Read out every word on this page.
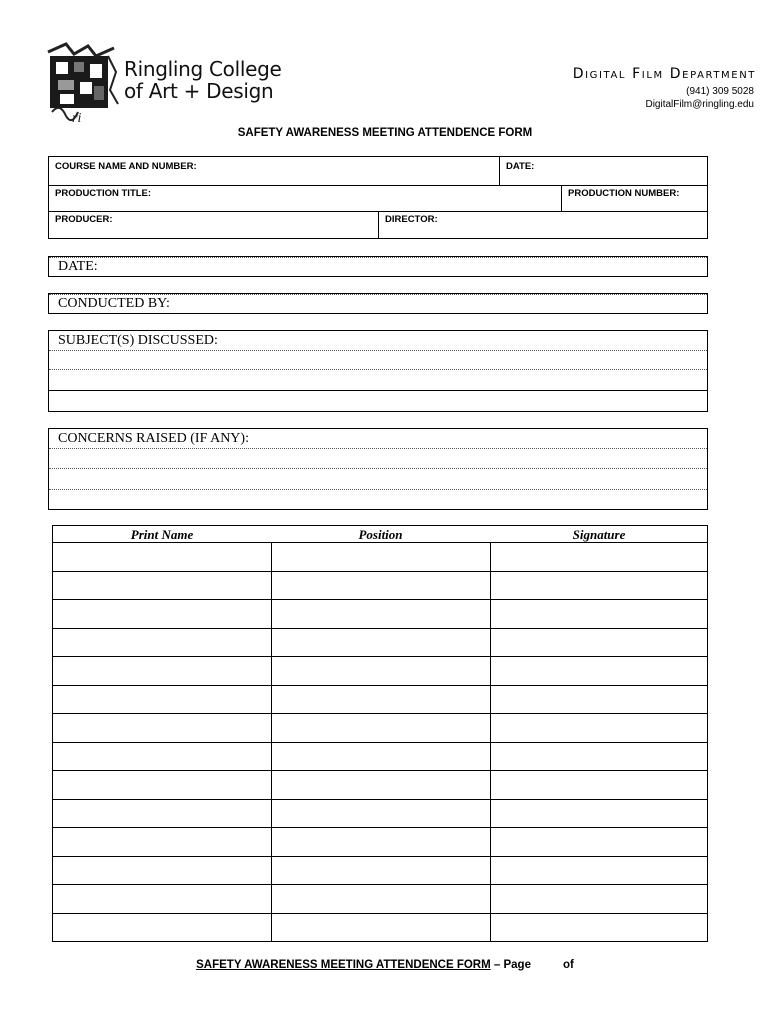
ri
Ringling College
of Art + Design
Digital Film Department
(941) 309 5028
DigitalFilm@ringling.edu
SAFETY AWARENESS MEETING ATTENDENCE FORM
COURSE NAME AND NUMBER:	DATE:
PRODUCTION TITLE:	PRODUCTION NUMBER:
PRODUCER:	DIRECTOR:
DATE:
CONDUCTED BY:
SUBJECT(S) DISCUSSED:
CONCERNS RAISED (IF ANY):
Print Name	Position	Signature
SAFETY AWARENESS MEETING ATTENDENCE FORM – Page	of
